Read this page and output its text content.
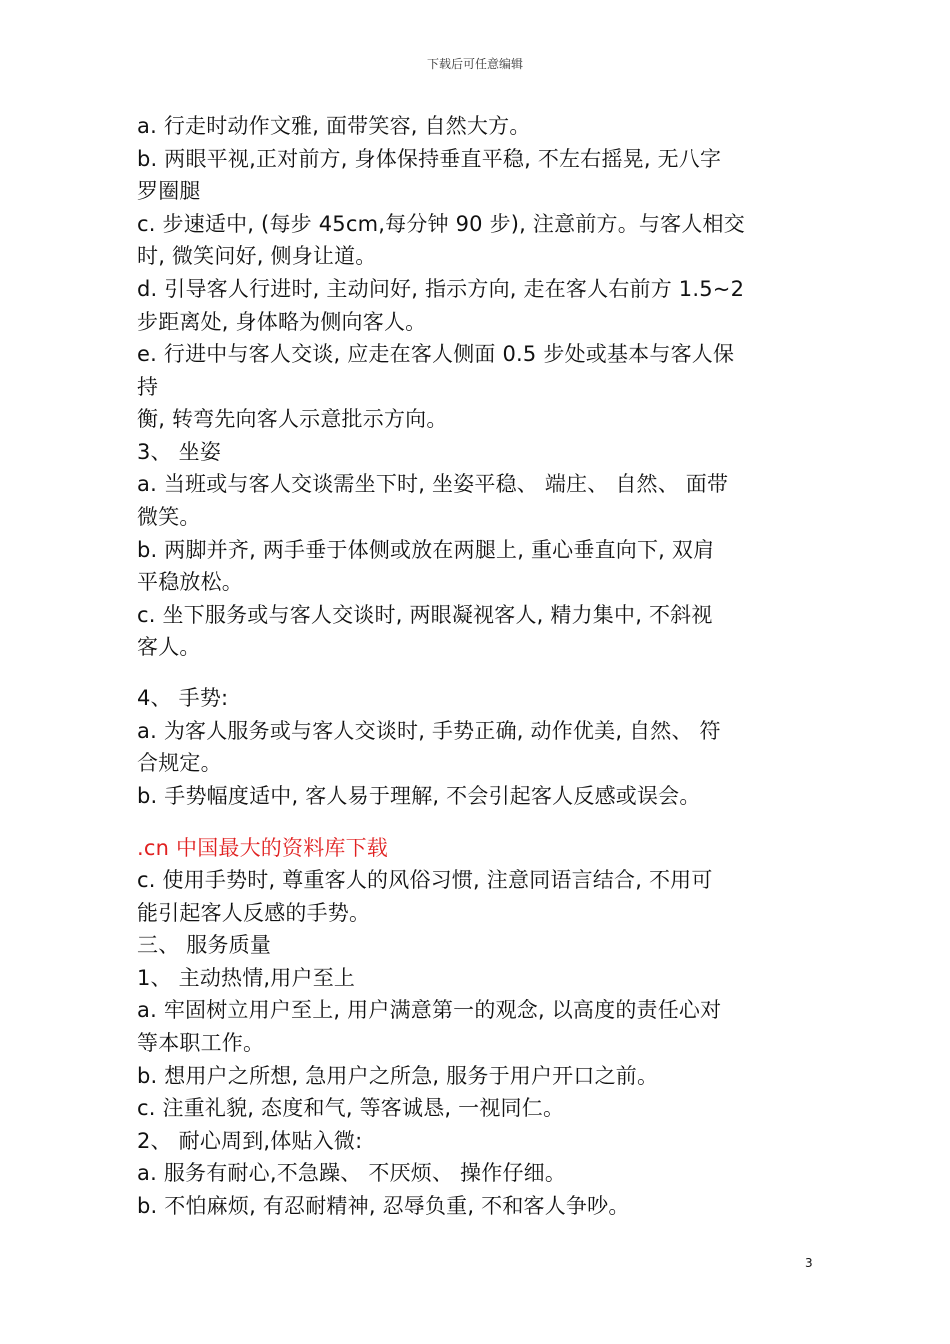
下载后可任意编辑
a. 行走时动作文雅, 面带笑容, 自然大方。
b. 两眼平视,正对前方, 身体保持垂直平稳, 不左右摇晃, 无八字
罗圈腿
c. 步速适中, (每步 45cm,每分钟 90 步), 注意前方。与客人相交
时, 微笑问好, 侧身让道。
d. 引导客人行进时, 主动问好, 指示方向, 走在客人右前方 1.5~2
步距离处, 身体略为侧向客人。
e. 行进中与客人交谈, 应走在客人侧面 0.5 步处或基本与客人保
持
衡, 转弯先向客人示意批示方向。
3、 坐姿
a. 当班或与客人交谈需坐下时, 坐姿平稳、 端庄、 自然、 面带
微笑。
b. 两脚并齐, 两手垂于体侧或放在两腿上, 重心垂直向下, 双肩
平稳放松。
c. 坐下服务或与客人交谈时, 两眼凝视客人, 精力集中, 不斜视
客人。
4、 手势:
a. 为客人服务或与客人交谈时, 手势正确, 动作优美, 自然、 符
合规定。
b. 手势幅度适中, 客人易于理解, 不会引起客人反感或误会。
.cn 中国最大的资料库下载
c. 使用手势时, 尊重客人的风俗习惯, 注意同语言结合, 不用可
能引起客人反感的手势。
三、 服务质量
1、 主动热情,用户至上
a. 牢固树立用户至上, 用户满意第一的观念, 以高度的责任心对
等本职工作。
b. 想用户之所想, 急用户之所急, 服务于用户开口之前。
c. 注重礼貌, 态度和气, 等客诚恳, 一视同仁。
2、 耐心周到,体贴入微:
a. 服务有耐心,不急躁、 不厌烦、 操作仔细。
b. 不怕麻烦, 有忍耐精神, 忍辱负重, 不和客人争吵。
3
